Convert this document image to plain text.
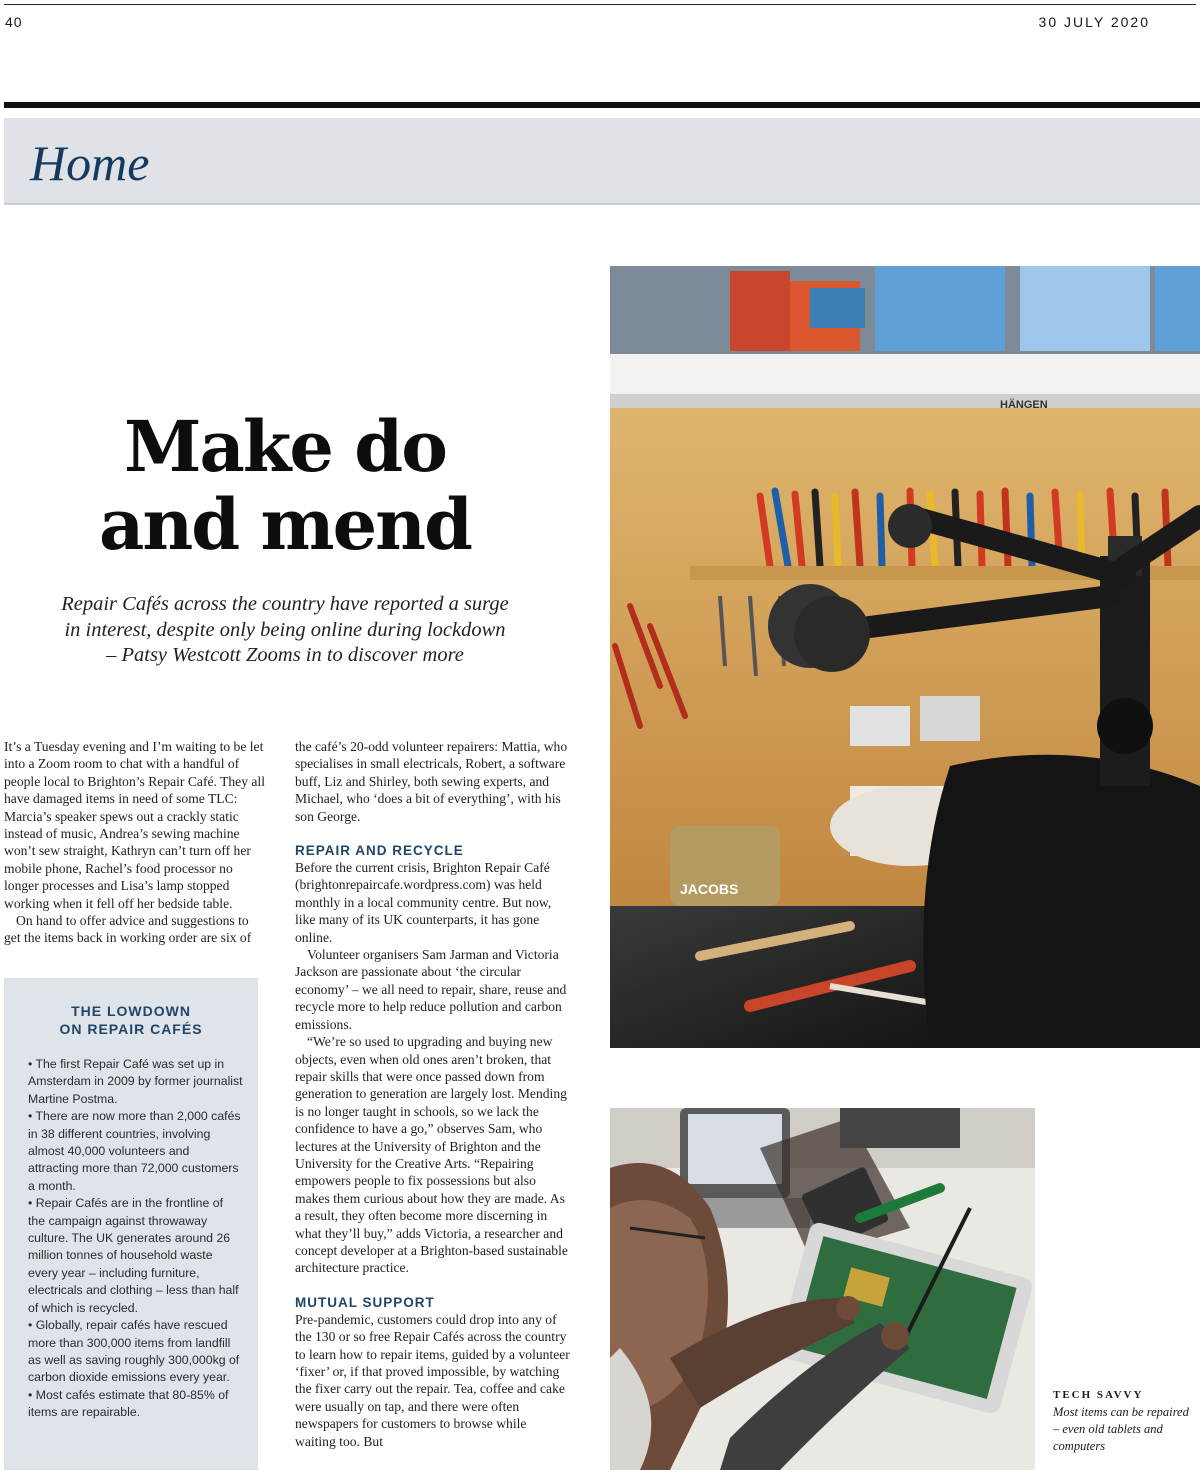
40	30 JULY 2020
Home
Make do
and mend
Repair Cafés across the country have reported a surge
in interest, despite only being online during lockdown
– Patsy Westcott Zooms in to discover more

It’s a Tuesday evening and I’m waiting to be let into a Zoom room to chat with a handful of people local to Brighton’s Repair Café. They all have damaged items in need of some TLC: Marcia’s speaker spews out a crackly static instead of music, Andrea’s sewing machine won’t sew straight, Kathryn can’t turn off her mobile phone, Rachel’s food processor no longer processes and Lisa’s lamp stopped working when it fell off her bedside table.

On hand to offer advice and suggestions to get the items back in working order are six of

the café’s 20-odd volunteer repairers: Mattia, who specialises in small electricals, Robert, a software buff, Liz and Shirley, both sewing experts, and Michael, who ‘does a bit of everything’, with his son George.

REPAIR AND RECYCLE

Before the current crisis, Brighton Repair Café (brightonrepaircafe.wordpress.com) was held monthly in a local community centre. But now, like many of its UK counterparts, it has gone online.

Volunteer organisers Sam Jarman and Victoria Jackson are passionate about ‘the circular economy’ – we all need to repair, share, reuse and recycle more to help reduce pollution and carbon emissions.

“We’re so used to upgrading and buying new objects, even when old ones aren’t broken, that repair skills that were once passed down from generation to generation are largely lost. Mending is no longer taught in schools, so we lack the confidence to have a go,” observes Sam, who lectures at the University of Brighton and the University for the Creative Arts. “Repairing empowers people to fix possessions but also makes them curious about how they are made. As a result, they often become more discerning in what they’ll buy,” adds Victoria, a researcher and concept developer at a Brighton-based sustainable architecture practice.

MUTUAL SUPPORT

Pre-pandemic, customers could drop into any of the 130 or so free Repair Cafés across the country to learn how to repair items, guided by a volunteer ‘fixer’ or, if that proved impossible, by watching the fixer carry out the repair. Tea, coffee and cake were usually on tap, and there were often newspapers for customers to browse while waiting too. But

THE LOWDOWN
ON REPAIR CAFÉS
• The first Repair Café was set up in Amsterdam in 2009 by former journalist Martine Postma.
• There are now more than 2,000 cafés in 38 different countries, involving almost 40,000 volunteers and attracting more than 72,000 customers a month.
• Repair Cafés are in the frontline of the campaign against throwaway culture. The UK generates around 26 million tonnes of household waste every year – including furniture, electricals and clothing – less than half of which is recycled.
• Globally, repair cafés have rescued more than 300,000 items from landfill as well as saving roughly 300,000kg of carbon dioxide emissions every year.
• Most cafés estimate that 80-85% of items are repairable.
HÄNGEN
JACOBS
TECH SAVVY
Most items can be repaired – even old tablets and computers
